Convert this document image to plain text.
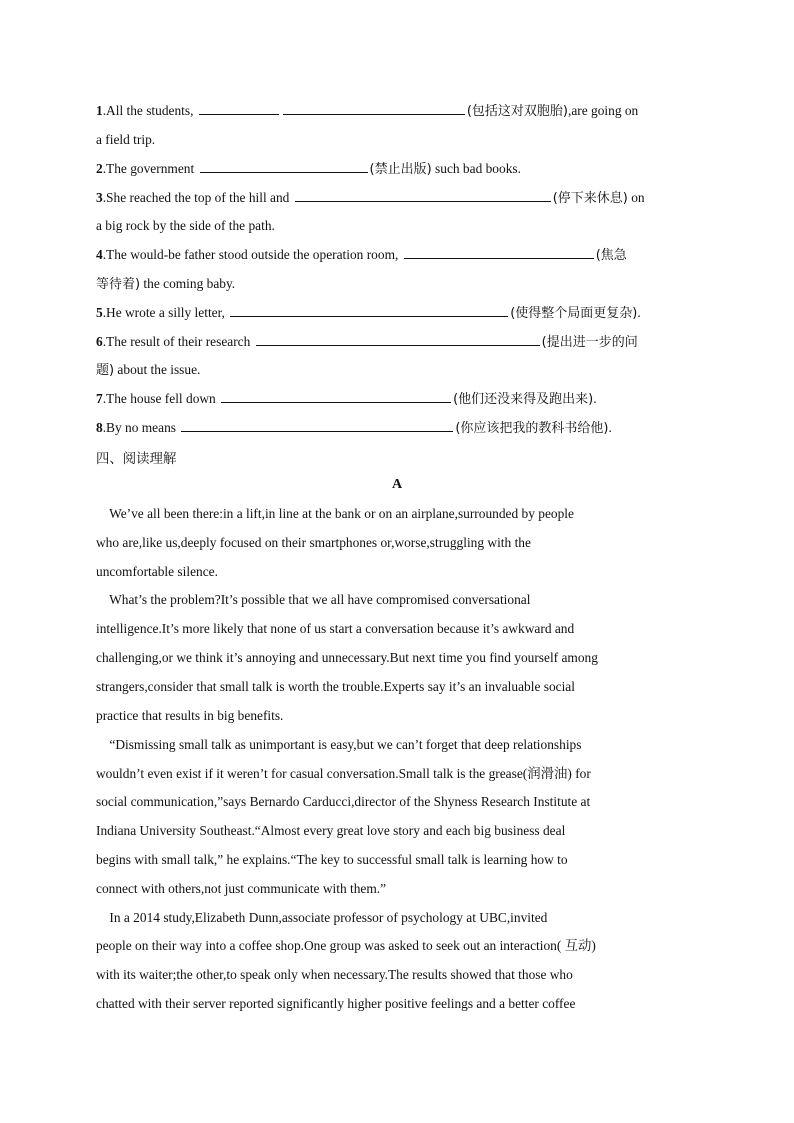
1.All the students,	(包括这对双胞胎),are going on
a field trip.
2.The government	(禁止出版) such bad books.
3.She reached the top of the hill and	(停下来休息) on
a big rock by the side of the path.
4.The would-be father stood outside the operation room,	(焦急
等待着) the coming baby.
5.He wrote a silly letter,	(使得整个局面更复杂).
6.The result of their research	(提出进一步的问
题) about the issue.
7.The house fell down	(他们还没来得及跑出来).
8.By no means	(你应该把我的教科书给他).
四、阅读理解
A
We’ve all been there:in a lift,in line at the bank or on an airplane,surrounded by people
who are,like us,deeply focused on their smartphones or,worse,struggling with the
uncomfortable silence.
What’s the problem?It’s possible that we all have compromised conversational
intelligence.It’s more likely that none of us start a conversation because it’s awkward and
challenging,or we think it’s annoying and unnecessary.But next time you find yourself among
strangers,consider that small talk is worth the trouble.Experts say it’s an invaluable social
practice that results in big benefits.
“Dismissing small talk as unimportant is easy,but we can’t forget that deep relationships
wouldn’t even exist if it weren’t for casual conversation.Small talk is the grease(润滑油) for
social communication,”says Bernardo Carducci,director of the Shyness Research Institute at
Indiana University Southeast.“Almost every great love story and each big business deal
begins with small talk,” he explains.“The key to successful small talk is learning how to
connect with others,not just communicate with them.”
In a 2014 study,Elizabeth Dunn,associate professor of psychology at UBC,invited
people on their way into a coffee shop.One group was asked to seek out an interaction( 互动)
with its waiter;the other,to speak only when necessary.The results showed that those who
chatted with their server reported significantly higher positive feelings and a better coffee
